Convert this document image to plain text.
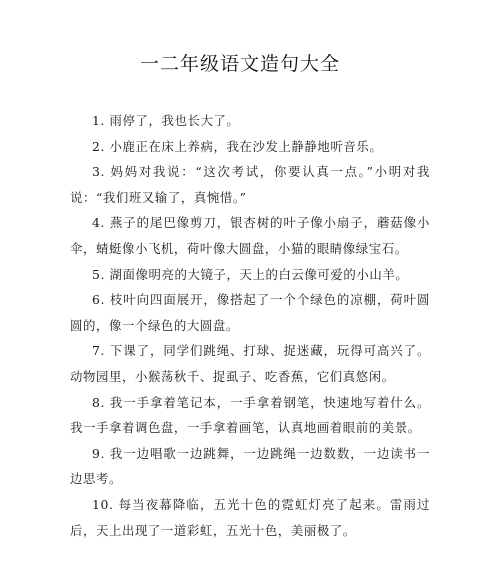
一二年级语文造句大全
1. 雨停了，我也长大了。
2. 小鹿正在床上养病，我在沙发上静静地听音乐。
3. 妈妈对我说：“这次考试，你要认真一点。”小明对我说：“我们班又输了，真惋惜。”
4. 燕子的尾巴像剪刀，银杏树的叶子像小扇子，蘑菇像小伞，蜻蜓像小飞机，荷叶像大圆盘，小猫的眼睛像绿宝石。
5. 湖面像明亮的大镜子，天上的白云像可爱的小山羊。
6. 枝叶向四面展开，像搭起了一个个绿色的凉棚，荷叶圆圆的，像一个绿色的大圆盘。
7. 下课了，同学们跳绳、打球、捉迷藏，玩得可高兴了。动物园里，小猴荡秋千、捉虱子、吃香蕉，它们真悠闲。
8. 我一手拿着笔记本，一手拿着钢笔，快速地写着什么。我一手拿着调色盘，一手拿着画笔，认真地画着眼前的美景。
9. 我一边唱歌一边跳舞，一边跳绳一边数数，一边读书一边思考。
10. 每当夜幕降临，五光十色的霓虹灯亮了起来。雷雨过后，天上出现了一道彩虹，五光十色，美丽极了。
